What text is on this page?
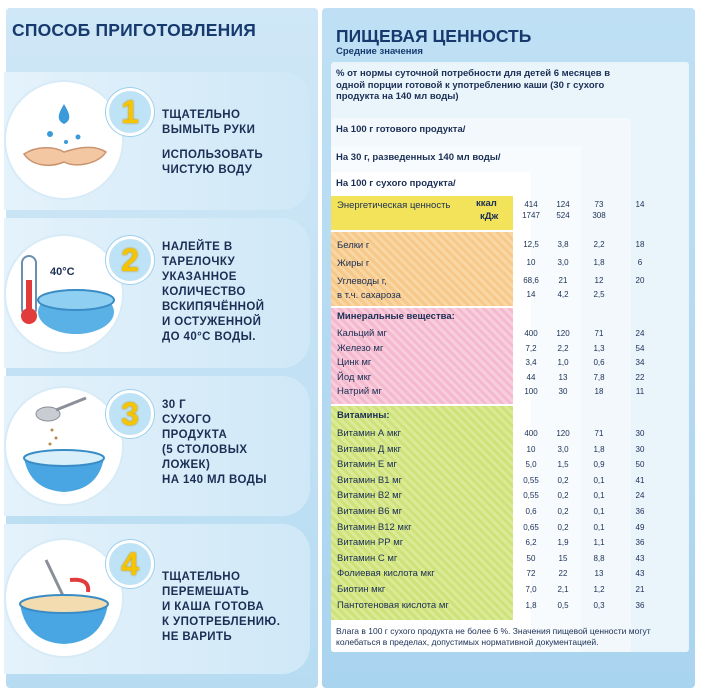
СПОСОБ ПРИГОТОВЛЕНИЯ
1	ТЩАТЕЛЬНО
ВЫМЫТЬ РУКИ
ИСПОЛЬЗОВАТЬ
ЧИСТУЮ ВОДУ
40°С	2	НАЛЕЙТЕ В
ТАРЕЛОЧКУ
УКАЗАННОЕ
КОЛИЧЕСТВО
ВСКИПЯЧЁННОЙ
И ОСТУЖЕННОЙ
ДО 40°С ВОДЫ.
3	30 Г
СУХОГО
ПРОДУКТА
(5 СТОЛОВЫХ
ЛОЖЕК)
НА 140 МЛ ВОДЫ
4	ТЩАТЕЛЬНО
ПЕРЕМЕШАТЬ
И КАША ГОТОВА
К УПОТРЕБЛЕНИЮ.
НЕ ВАРИТЬ
ПИЩЕВАЯ ЦЕННОСТЬ
Средние значения
% от нормы суточной потребности для детей 6 месяцев в одной порции готовой к употреблению каши (30 г сухого продукта на 140 мл воды)
На 100 г готового продукта/
На 30 г, разведенных 140 мл воды/
На 100 г сухого продукта/
Энергетическая ценность	ккал
кДж
414	124	73	14
1747	524	308
Белки г	12,5	3,8	2,2	18
Жиры г	10	3,0	1,8	6
Углеводы г,	68,6	21	12	20
в т.ч. сахароза	14	4,2	2,5
Минеральные вещества:
Кальций мг	400	120	71	24
Железо мг	7,2	2,2	1,3	54
Цинк мг	3,4	1,0	0,6	34
Йод мкг	44	13	7,8	22
Натрий мг	100	30	18	11
Витамины:
Витамин А мкг	400	120	71	30
Витамин Д мкг	10	3,0	1,8	30
Витамин Е мг	5,0	1,5	0,9	50
Витамин В1 мг	0,55	0,2	0,1	41
Витамин В2 мг	0,55	0,2	0,1	24
Витамин В6 мг	0,6	0,2	0,1	36
Витамин В12 мкг	0,65	0,2	0,1	49
Витамин РР мг	6,2	1,9	1,1	36
Витамин С мг	50	15	8,8	43
Фолиевая кислота мкг	72	22	13	43
Биотин мкг	7,0	2,1	1,2	21
Пантотеновая кислота мг	1,8	0,5	0,3	36
Влага в 100 г сухого продукта не более 6 %. Значения пищевой ценности могут колебаться в пределах, допустимых нормативной документацией.
